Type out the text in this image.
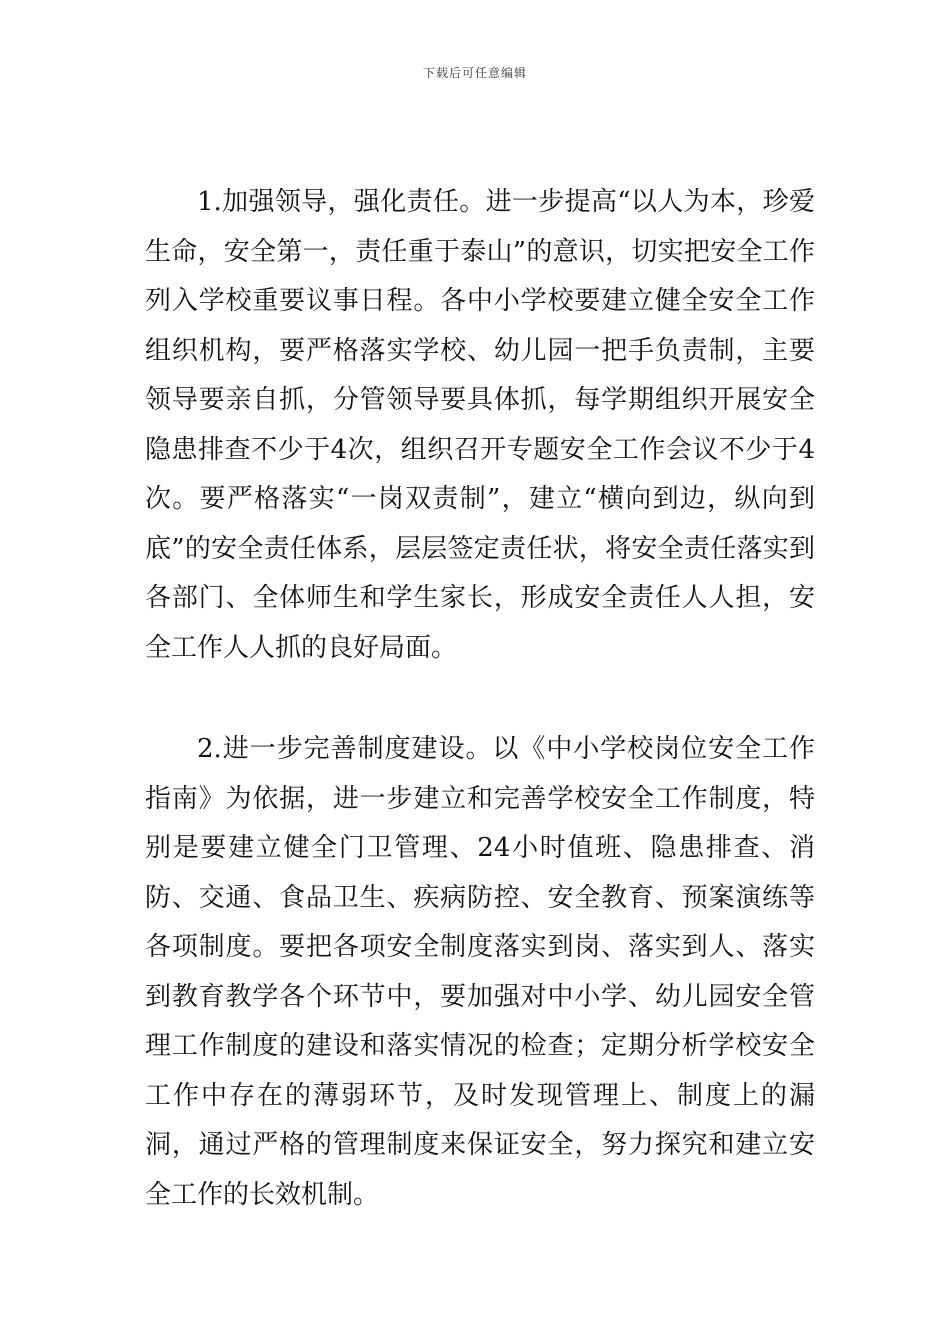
下载后可任意编辑

1.加强领导，强化责任。进一步提高“以人为本，珍爱生命，安全第一，责任重于泰山”的意识，切实把安全工作列入学校重要议事日程。各中小学校要建立健全安全工作组织机构，要严格落实学校、幼儿园一把手负责制，主要领导要亲自抓，分管领导要具体抓，每学期组织开展安全隐患排查不少于4次，组织召开专题安全工作会议不少于4次。要严格落实“一岗双责制”，建立“横向到边，纵向到底”的安全责任体系，层层签定责任状，将安全责任落实到各部门、全体师生和学生家长，形成安全责任人人担，安全工作人人抓的良好局面。

2.进一步完善制度建设。以《中小学校岗位安全工作指南》为依据，进一步建立和完善学校安全工作制度，特别是要建立健全门卫管理、24小时值班、隐患排查、消防、交通、食品卫生、疾病防控、安全教育、预案演练等各项制度。要把各项安全制度落实到岗、落实到人、落实到教育教学各个环节中，要加强对中小学、幼儿园安全管理工作制度的建设和落实情况的检查；定期分析学校安全工作中存在的薄弱环节，及时发现管理上、制度上的漏洞，通过严格的管理制度来保证安全，努力探究和建立安全工作的长效机制。
